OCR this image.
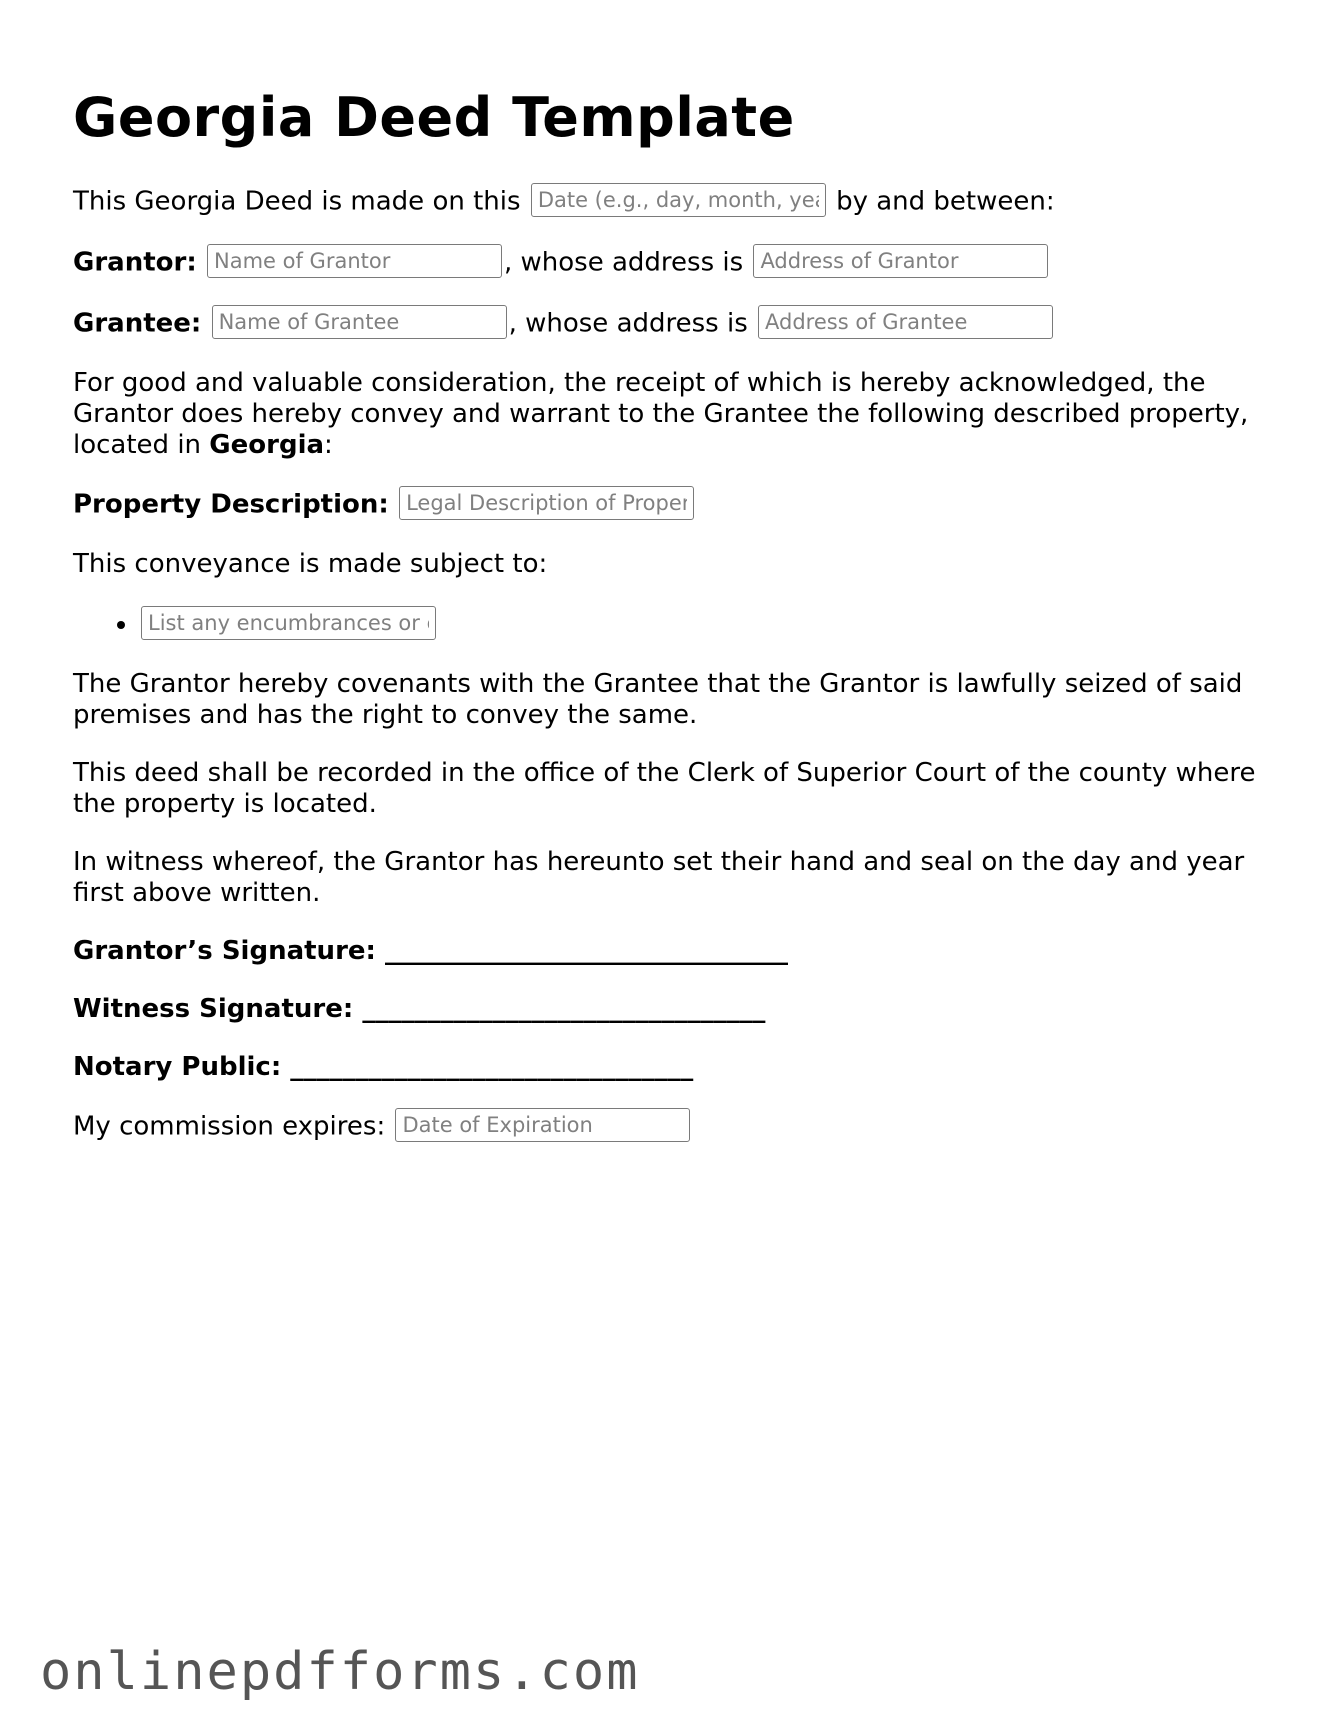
Georgia Deed Template

This Georgia Deed is made on this Date (e.g., day, month, year)	by and between:

Grantor: Name of Grantor	, whose address is Address of Grantor

Grantee: Name of Grantee	, whose address is Address of Grantee

For good and valuable consideration, the receipt of which is hereby acknowledged, the Grantor does hereby convey and warrant to the Grantee the following described property, located in Georgia:

Property Description: Legal Description of Property

This conveyance is made subject to:

• List any encumbrances or exceptions

The Grantor hereby covenants with the Grantee that the Grantor is lawfully seized of said premises and has the right to convey the same.

This deed shall be recorded in the office of the Clerk of Superior Court of the county where the property is located.

In witness whereof, the Grantor has hereunto set their hand and seal on the day and year first above written.

Grantor’s Signature: _______________________________
Witness Signature: _______________________________
Notary Public: _______________________________

My commission expires: Date of Expiration

onlinepdfforms.com
